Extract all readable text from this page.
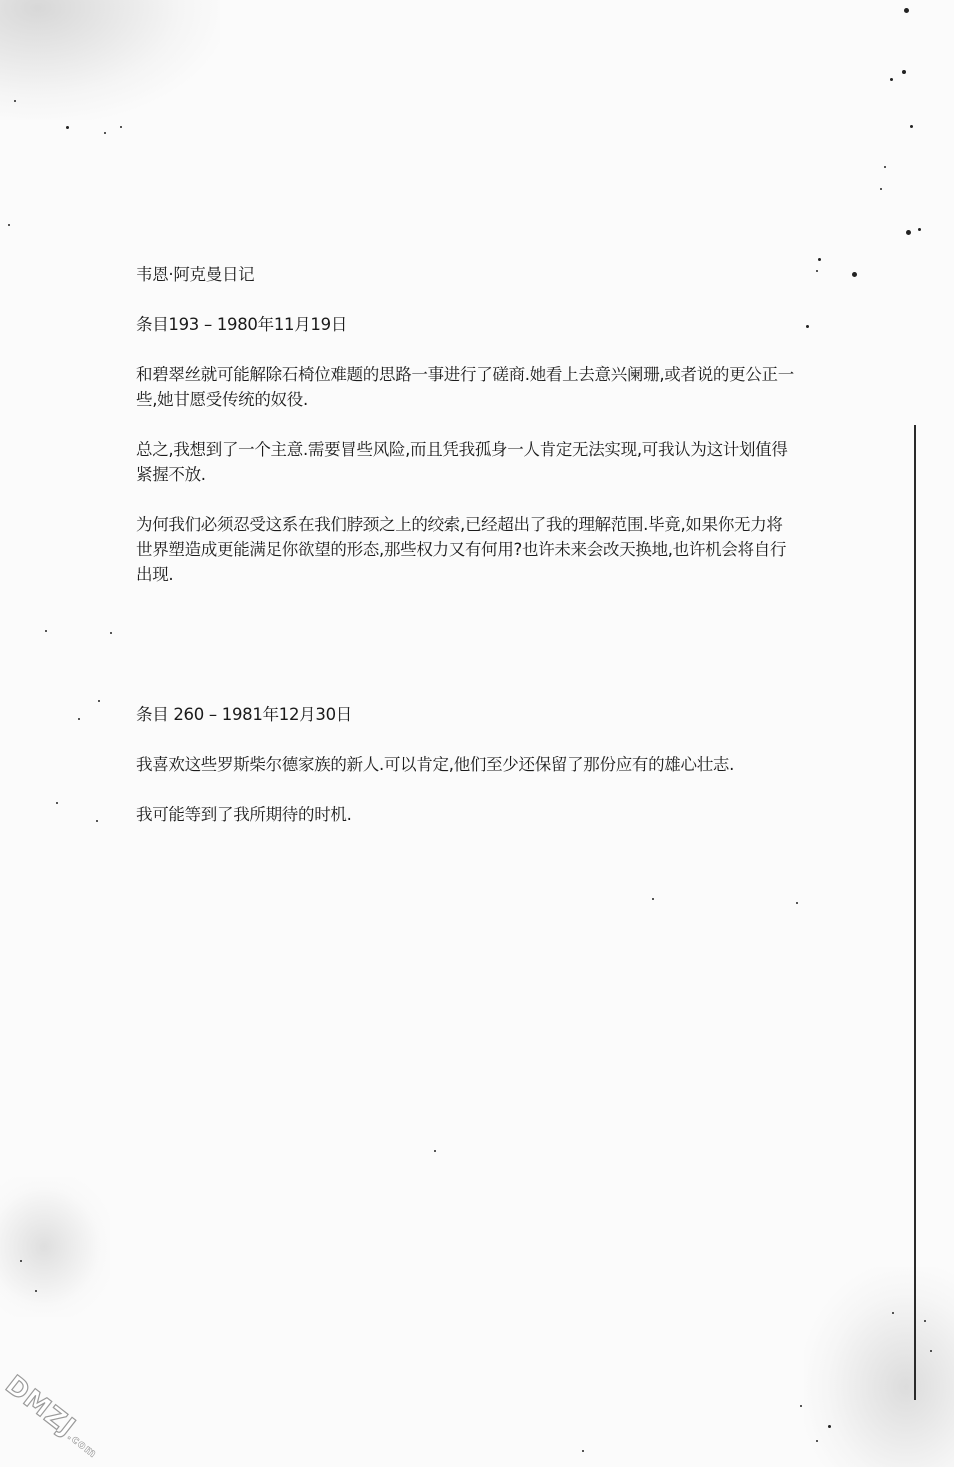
韦恩·阿克曼日记

条目193 – 1980年11月19日

和碧翠丝就可能解除石椅位难题的思路一事进行了磋商.她看上去意兴阑珊,或者说的更公正一些,她甘愿受传统的奴役.

总之,我想到了一个主意.需要冒些风险,而且凭我孤身一人肯定无法实现,可我认为这计划值得紧握不放.

为何我们必须忍受这系在我们脖颈之上的绞索,已经超出了我的理解范围.毕竟,如果你无力将世界塑造成更能满足你欲望的形态,那些权力又有何用?也许未来会改天换地,也许机会将自行出现.

条目 260 – 1981年12月30日

我喜欢这些罗斯柴尔德家族的新人.可以肯定,他们至少还保留了那份应有的雄心壮志.

我可能等到了我所期待的时机.

DMZJ.com
